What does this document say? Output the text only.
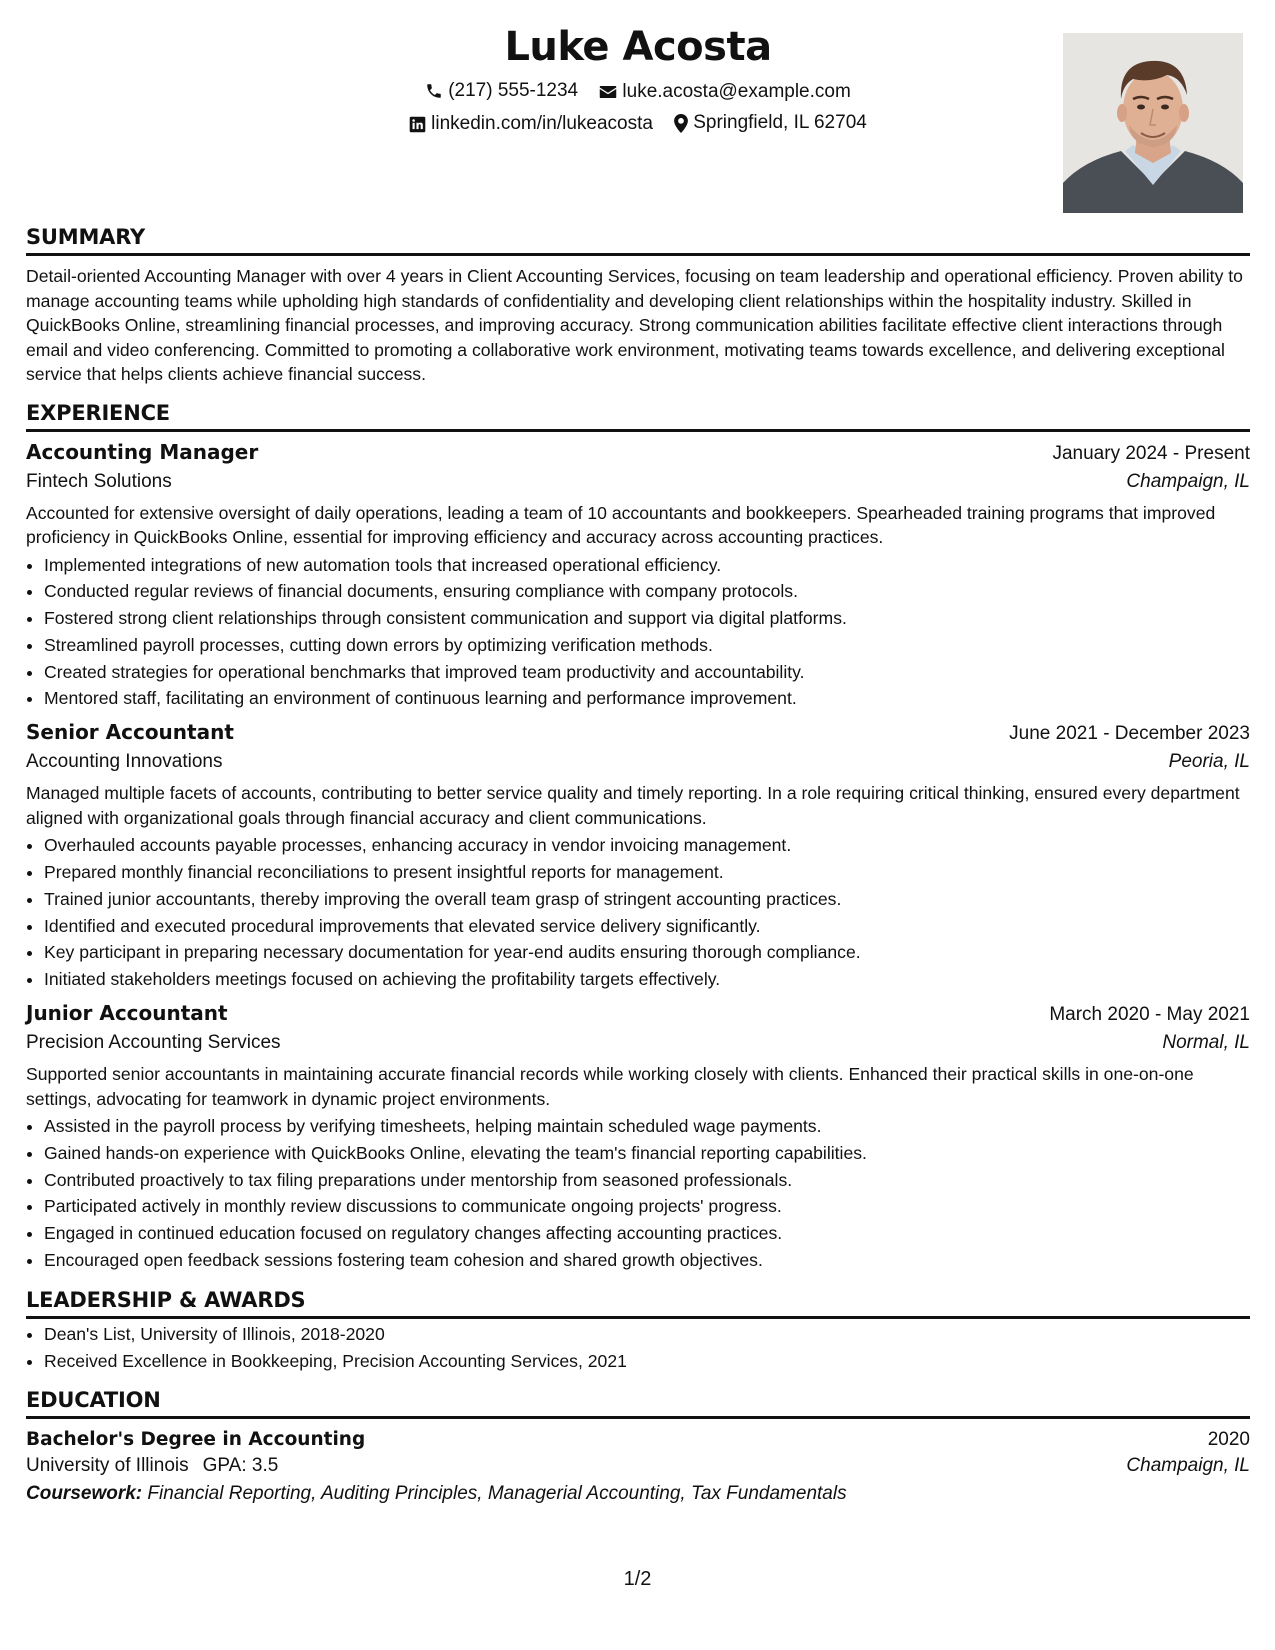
Luke Acosta
(217) 555-1234
luke.acosta@example.com
linkedin.com/in/lukeacosta
Springfield, IL 62704
SUMMARY
Detail-oriented Accounting Manager with over 4 years in Client Accounting Services, focusing on team leadership and operational efficiency. Proven ability to manage accounting teams while upholding high standards of confidentiality and developing client relationships within the hospitality industry. Skilled in QuickBooks Online, streamlining financial processes, and improving accuracy. Strong communication abilities facilitate effective client interactions through email and video conferencing. Committed to promoting a collaborative work environment, motivating teams towards excellence, and delivering exceptional service that helps clients achieve financial success.
EXPERIENCE
Accounting Manager	January 2024 - Present
Fintech Solutions	Champaign, IL
Accounted for extensive oversight of daily operations, leading a team of 10 accountants and bookkeepers. Spearheaded training programs that improved proficiency in QuickBooks Online, essential for improving efficiency and accuracy across accounting practices.
• Implemented integrations of new automation tools that increased operational efficiency.
• Conducted regular reviews of financial documents, ensuring compliance with company protocols.
• Fostered strong client relationships through consistent communication and support via digital platforms.
• Streamlined payroll processes, cutting down errors by optimizing verification methods.
• Created strategies for operational benchmarks that improved team productivity and accountability.
• Mentored staff, facilitating an environment of continuous learning and performance improvement.
Senior Accountant	June 2021 - December 2023
Accounting Innovations	Peoria, IL
Managed multiple facets of accounts, contributing to better service quality and timely reporting. In a role requiring critical thinking, ensured every department aligned with organizational goals through financial accuracy and client communications.
• Overhauled accounts payable processes, enhancing accuracy in vendor invoicing management.
• Prepared monthly financial reconciliations to present insightful reports for management.
• Trained junior accountants, thereby improving the overall team grasp of stringent accounting practices.
• Identified and executed procedural improvements that elevated service delivery significantly.
• Key participant in preparing necessary documentation for year-end audits ensuring thorough compliance.
• Initiated stakeholders meetings focused on achieving the profitability targets effectively.
Junior Accountant	March 2020 - May 2021
Precision Accounting Services	Normal, IL
Supported senior accountants in maintaining accurate financial records while working closely with clients. Enhanced their practical skills in one-on-one settings, advocating for teamwork in dynamic project environments.
• Assisted in the payroll process by verifying timesheets, helping maintain scheduled wage payments.
• Gained hands-on experience with QuickBooks Online, elevating the team's financial reporting capabilities.
• Contributed proactively to tax filing preparations under mentorship from seasoned professionals.
• Participated actively in monthly review discussions to communicate ongoing projects' progress.
• Engaged in continued education focused on regulatory changes affecting accounting practices.
• Encouraged open feedback sessions fostering team cohesion and shared growth objectives.
LEADERSHIP & AWARDS
• Dean's List, University of Illinois, 2018-2020
• Received Excellence in Bookkeeping, Precision Accounting Services, 2021
EDUCATION
Bachelor's Degree in Accounting	2020
University of Illinois GPA: 3.5	Champaign, IL
Coursework: Financial Reporting, Auditing Principles, Managerial Accounting, Tax Fundamentals
1/2
